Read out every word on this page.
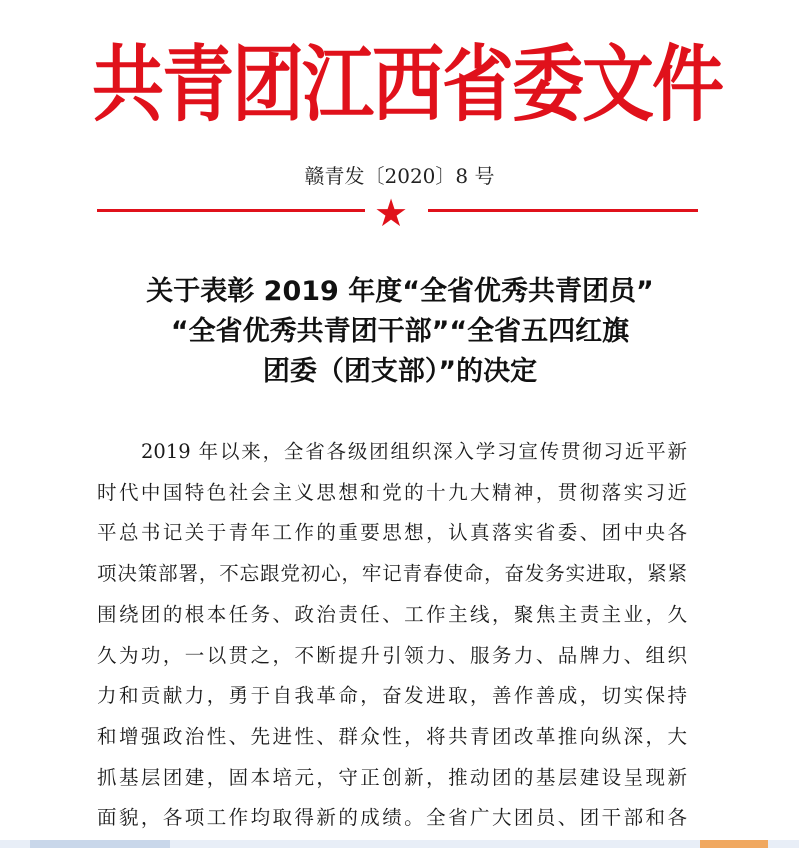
共青团江西省委文件
赣青发〔2020〕8 号
★
关于表彰 2019 年度“全省优秀共青团员”
“全省优秀共青团干部”“全省五四红旗
团委（团支部）”的决定
2019 年以来，全省各级团组织深入学习宣传贯彻习近平新
时代中国特色社会主义思想和党的十九大精神，贯彻落实习近
平总书记关于青年工作的重要思想，认真落实省委、团中央各
项决策部署，不忘跟党初心，牢记青春使命，奋发务实进取，紧紧
围绕团的根本任务、政治责任、工作主线，聚焦主责主业，久
久为功，一以贯之，不断提升引领力、服务力、品牌力、组织
力和贡献力，勇于自我革命，奋发进取，善作善成，切实保持
和增强政治性、先进性、群众性，将共青团改革推向纵深，大
抓基层团建，固本培元，守正创新，推动团的基层建设呈现新
面貌，各项工作均取得新的成绩。全省广大团员、团干部和各
